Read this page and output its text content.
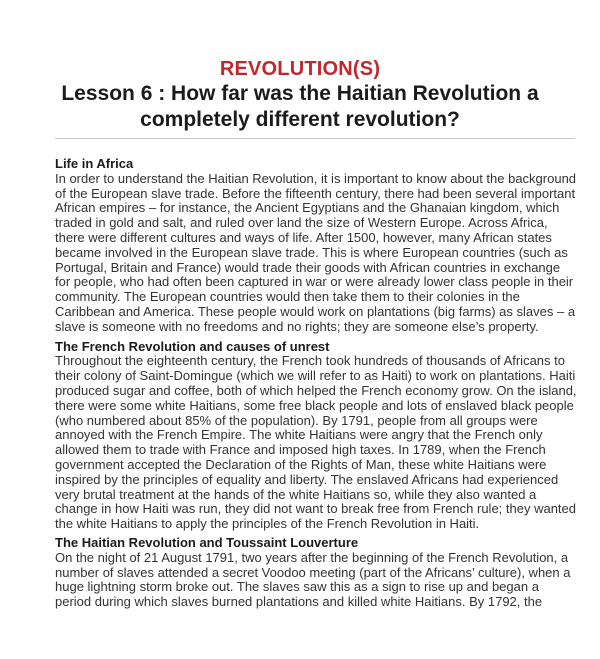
REVOLUTION(S)
Lesson 6 : How far was the Haitian Revolution a
completely different revolution?
Life in Africa
In order to understand the Haitian Revolution, it is important to know about the background
of the European slave trade. Before the fifteenth century, there had been several important
African empires – for instance, the Ancient Egyptians and the Ghanaian kingdom, which
traded in gold and salt, and ruled over land the size of Western Europe. Across Africa,
there were different cultures and ways of life. After 1500, however, many African states
became involved in the European slave trade. This is where European countries (such as
Portugal, Britain and France) would trade their goods with African countries in exchange
for people, who had often been captured in war or were already lower class people in their
community. The European countries would then take them to their colonies in the
Caribbean and America. These people would work on plantations (big farms) as slaves – a
slave is someone with no freedoms and no rights; they are someone else’s property.
The French Revolution and causes of unrest
Throughout the eighteenth century, the French took hundreds of thousands of Africans to
their colony of Saint-Domingue (which we will refer to as Haiti) to work on plantations. Haiti
produced sugar and coffee, both of which helped the French economy grow. On the island,
there were some white Haitians, some free black people and lots of enslaved black people
(who numbered about 85% of the population). By 1791, people from all groups were
annoyed with the French Empire. The white Haitians were angry that the French only
allowed them to trade with France and imposed high taxes. In 1789, when the French
government accepted the Declaration of the Rights of Man, these white Haitians were
inspired by the principles of equality and liberty. The enslaved Africans had experienced
very brutal treatment at the hands of the white Haitians so, while they also wanted a
change in how Haiti was run, they did not want to break free from French rule; they wanted
the white Haitians to apply the principles of the French Revolution in Haiti.
The Haitian Revolution and Toussaint Louverture
On the night of 21 August 1791, two years after the beginning of the French Revolution, a
number of slaves attended a secret Voodoo meeting (part of the Africans’ culture), when a
huge lightning storm broke out. The slaves saw this as a sign to rise up and began a
period during which slaves burned plantations and killed white Haitians. By 1792, the
